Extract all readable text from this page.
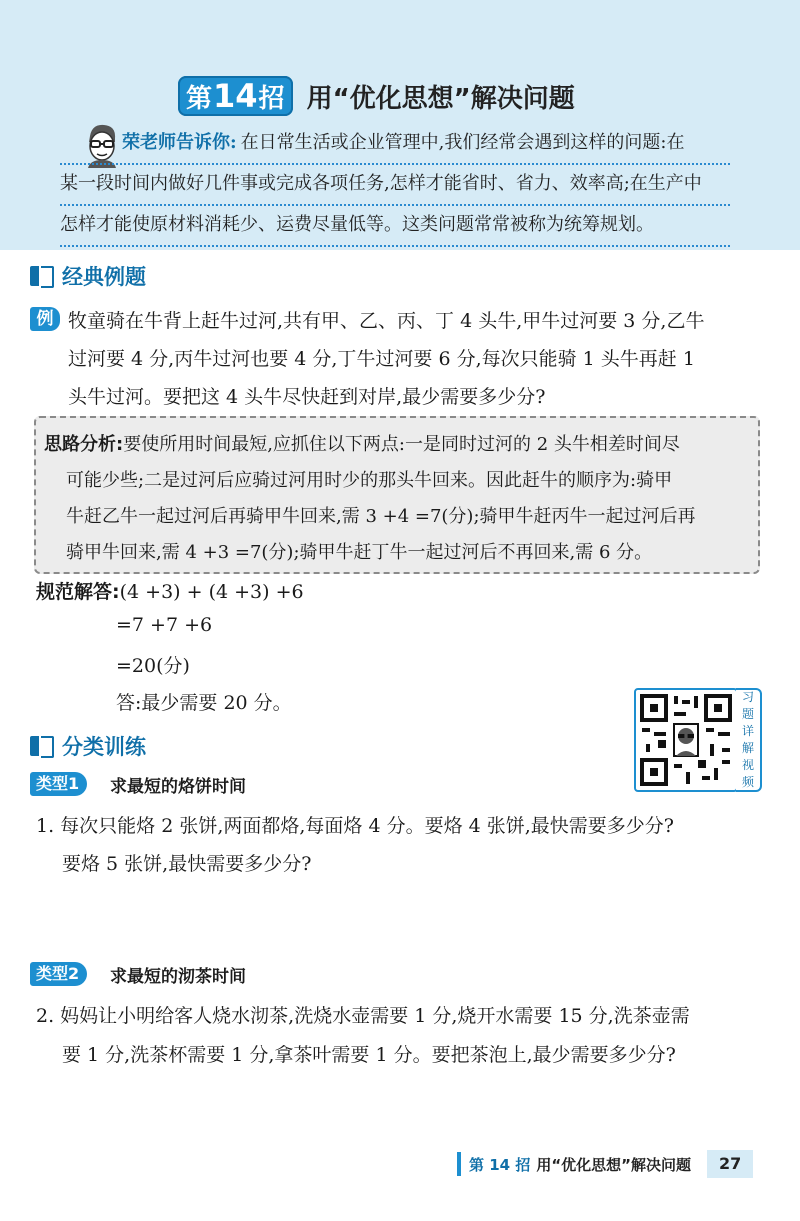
第 14 招 用“优化思想”解决问题
荣老师告诉你: 在日常生活或企业管理中,我们经常会遇到这样的问题:在
某一段时间内做好几件事或完成各项任务,怎样才能省时、省力、效率高;在生产中
怎样才能使原材料消耗少、运费尽量低等。这类问题常常被称为统筹规划。
经典例题
例 牧童骑在牛背上赶牛过河,共有甲、乙、丙、丁 4 头牛,甲牛过河要 3 分,乙牛
过河要 4 分,丙牛过河也要 4 分,丁牛过河要 6 分,每次只能骑 1 头牛再赶 1
头牛过河。要把这 4 头牛尽快赶到对岸,最少需要多少分?
思路分析:要使所用时间最短,应抓住以下两点:一是同时过河的 2 头牛相差时间尽
可能少些;二是过河后应骑过河用时少的那头牛回来。因此赶牛的顺序为:骑甲
牛赶乙牛一起过河后再骑甲牛回来,需 3 +4 =7(分);骑甲牛赶丙牛一起过河后再
骑甲牛回来,需 4 +3 =7(分);骑甲牛赶丁牛一起过河后不再回来,需 6 分。
规范解答:(4 +3) + (4 +3) +6
=7 +7 +6
=20(分)
答:最少需要 20 分。	习
题
详
解
视
频
分类训练
类型1	求最短的烙饼时间
1. 每次只能烙 2 张饼,两面都烙,每面烙 4 分。要烙 4 张饼,最快需要多少分?
要烙 5 张饼,最快需要多少分?
类型2	求最短的沏茶时间
2. 妈妈让小明给客人烧水沏茶,洗烧水壶需要 1 分,烧开水需要 15 分,洗茶壶需
要 1 分,洗茶杯需要 1 分,拿茶叶需要 1 分。要把茶泡上,最少需要多少分?
第 14 招 用“优化思想”解决问题	27
